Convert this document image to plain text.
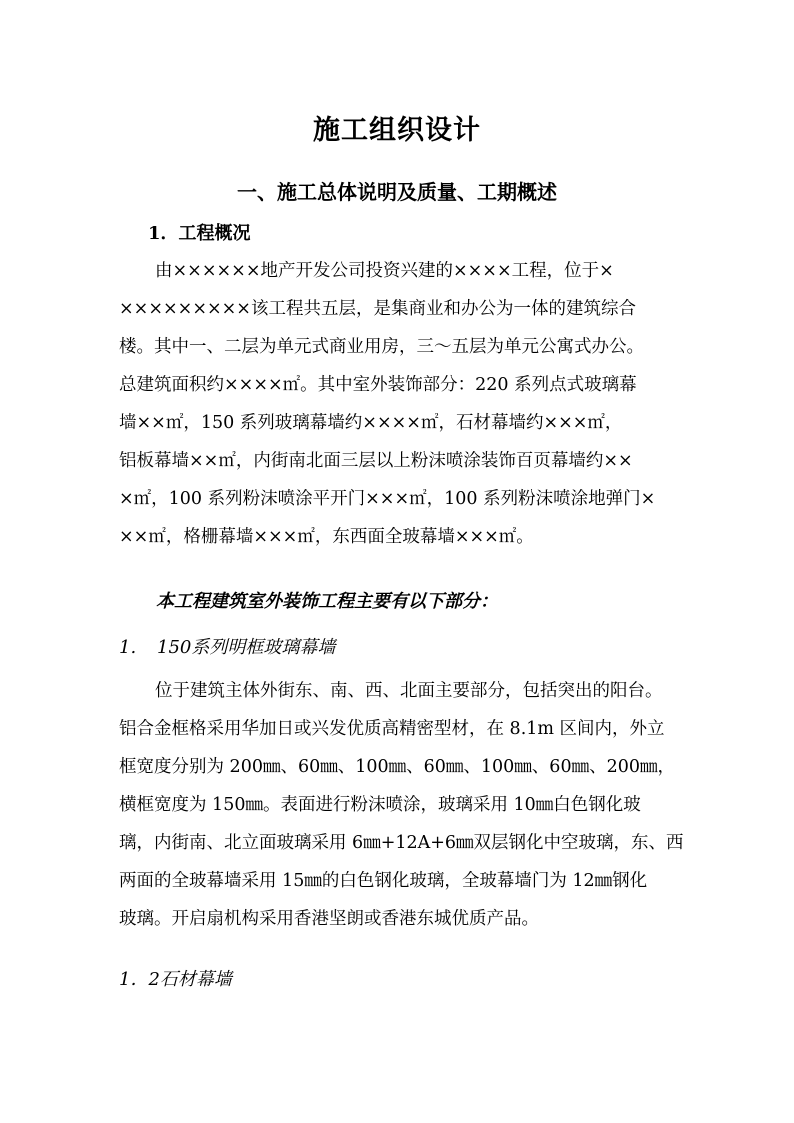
施工组织设计
一、施工总体说明及质量、工期概述
1．工程概况
由××××××地产开发公司投资兴建的××××工程，位于×
×××××××××该工程共五层，是集商业和办公为一体的建筑综合
楼。其中一、二层为单元式商业用房，三～五层为单元公寓式办公。
总建筑面积约××××㎡。其中室外装饰部分：220 系列点式玻璃幕
墙××㎡，150 系列玻璃幕墙约××××㎡，石材幕墙约×××㎡，
铝板幕墙××㎡，内街南北面三层以上粉沫喷涂装饰百页幕墙约××
×㎡，100 系列粉沫喷涂平开门×××㎡，100 系列粉沫喷涂地弹门×
××㎡，格栅幕墙×××㎡，东西面全玻幕墙×××㎡。
本工程建筑室外装饰工程主要有以下部分：
1. 150系列明框玻璃幕墙
位于建筑主体外街东、南、西、北面主要部分，包括突出的阳台。
铝合金框格采用华加日或兴发优质高精密型材，在 8.1m 区间内，外立
框宽度分别为 200㎜、60㎜、100㎜、60㎜、100㎜、60㎜、200㎜，
横框宽度为 150㎜。表面进行粉沫喷涂，玻璃采用 10㎜白色钢化玻
璃，内街南、北立面玻璃采用 6㎜+12A+6㎜双层钢化中空玻璃，东、西
两面的全玻幕墙采用 15㎜的白色钢化玻璃，全玻幕墙门为 12㎜钢化
玻璃。开启扇机构采用香港坚朗或香港东城优质产品。
1．2石材幕墙
